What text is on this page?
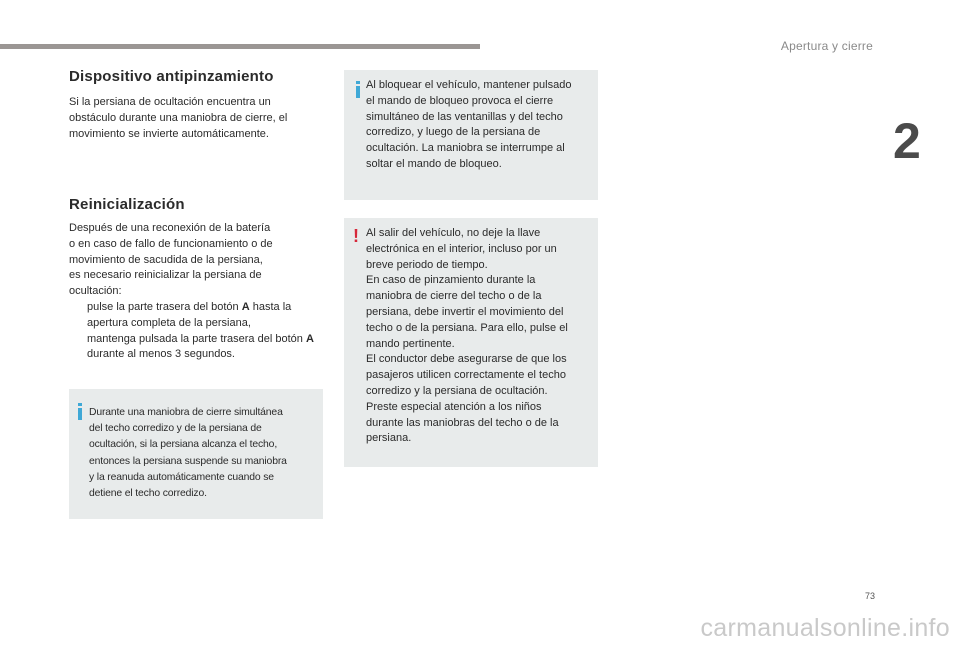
Apertura y cierre
2
Dispositivo antipinzamiento

Si la persiana de ocultación encuentra un
obstáculo durante una maniobra de cierre, el
movimiento se invierte automáticamente.

Reinicialización
Después de una reconexión de la batería
o en caso de fallo de funcionamiento o de
movimiento de sacudida de la persiana,
es necesario reinicializar la persiana de
ocultación:
pulse la parte trasera del botón A hasta la apertura completa de la persiana,
mantenga pulsada la parte trasera del botón A durante al menos 3 segundos.

Durante una maniobra de cierre simultánea
del techo corredizo y de la persiana de
ocultación, si la persiana alcanza el techo,
entonces la persiana suspende su maniobra
y la reanuda automáticamente cuando se
detiene el techo corredizo.

Al bloquear el vehículo, mantener pulsado
el mando de bloqueo provoca el cierre
simultáneo de las ventanillas y del techo
corredizo, y luego de la persiana de
ocultación. La maniobra se interrumpe al
soltar el mando de bloqueo.

! Al salir del vehículo, no deje la llave
electrónica en el interior, incluso por un
breve periodo de tiempo.
En caso de pinzamiento durante la
maniobra de cierre del techo o de la
persiana, debe invertir el movimiento del
techo o de la persiana. Para ello, pulse el
mando pertinente.
El conductor debe asegurarse de que los
pasajeros utilicen correctamente el techo
corredizo y la persiana de ocultación.
Preste especial atención a los niños
durante las maniobras del techo o de la
persiana.

73
carmanualsonline.info
